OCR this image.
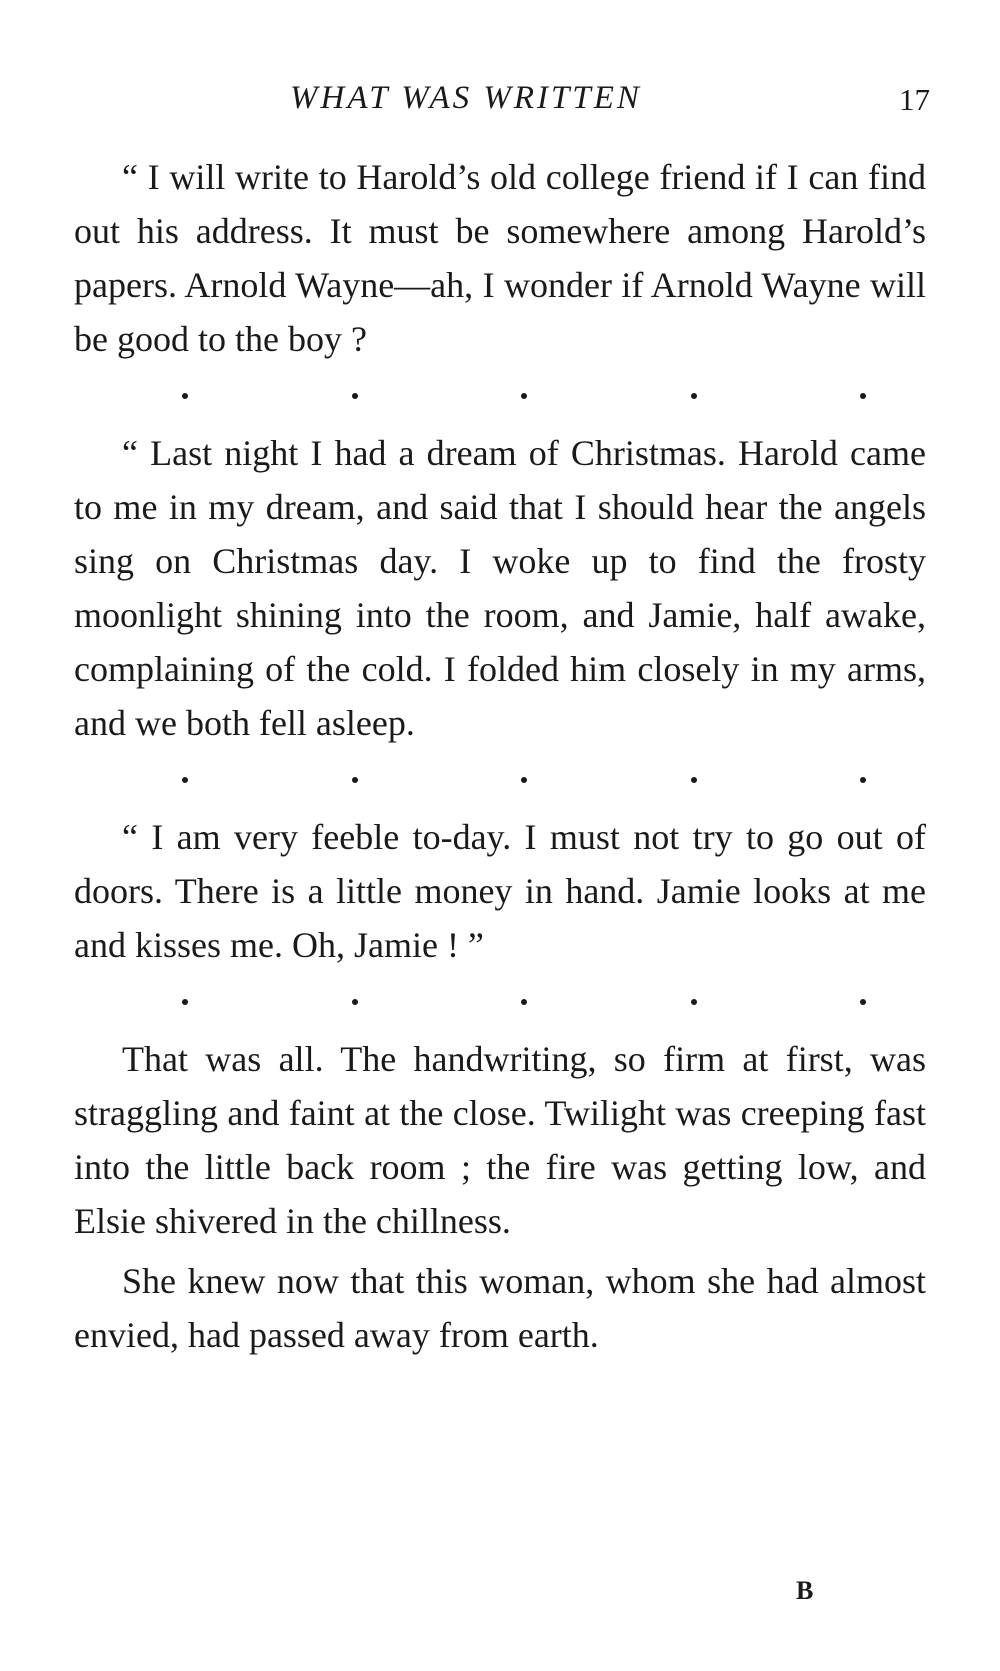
WHAT WAS WRITTEN	17

“ I will write to Harold’s old college friend if I can find out his address. It must be somewhere among Harold’s papers. Arnold Wayne—ah, I wonder if Arnold Wayne will be good to the boy ?

“ Last night I had a dream of Christmas. Harold came to me in my dream, and said that I should hear the angels sing on Christmas day. I woke up to find the frosty moonlight shining into the room, and Jamie, half awake, complaining of the cold. I folded him closely in my arms, and we both fell asleep.

“ I am very feeble to-day. I must not try to go out of doors. There is a little money in hand. Jamie looks at me and kisses me. Oh, Jamie ! ”

That was all. The handwriting, so firm at first, was straggling and faint at the close. Twilight was creeping fast into the little back room ; the fire was getting low, and Elsie shivered in the chillness.

She knew now that this woman, whom she had almost envied, had passed away from earth.

B
